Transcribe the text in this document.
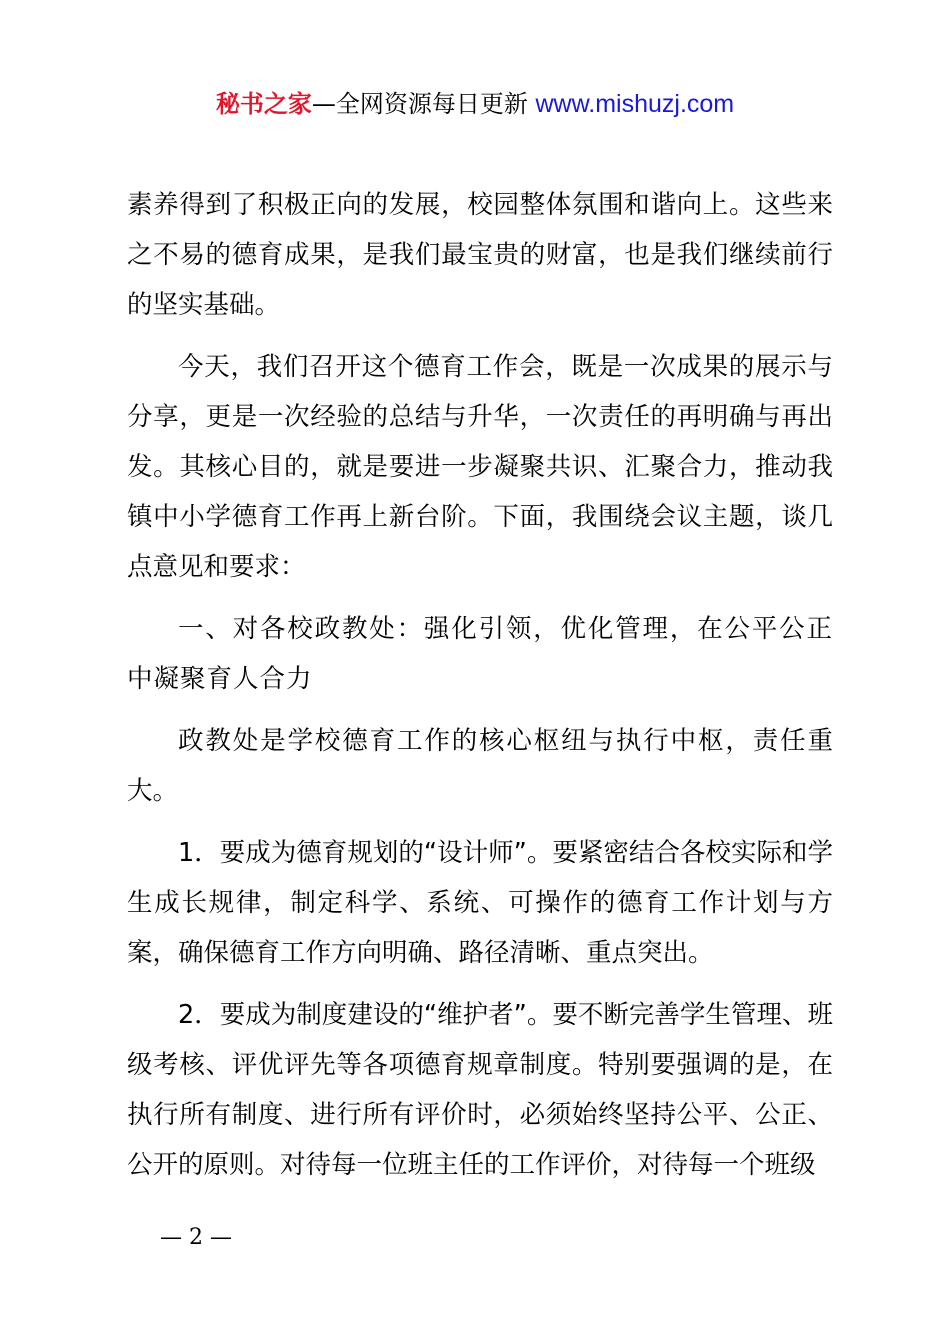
秘书之家—全网资源每日更新 www.mishuzj.com

素养得到了积极正向的发展，校园整体氛围和谐向上。这些来之不易的德育成果，是我们最宝贵的财富，也是我们继续前行的坚实基础。

今天，我们召开这个德育工作会，既是一次成果的展示与分享，更是一次经验的总结与升华，一次责任的再明确与再出发。其核心目的，就是要进一步凝聚共识、汇聚合力，推动我镇中小学德育工作再上新台阶。下面，我围绕会议主题，谈几点意见和要求：

一、对各校政教处：强化引领，优化管理，在公平公正中凝聚育人合力

政教处是学校德育工作的核心枢纽与执行中枢，责任重大。

1．要成为德育规划的“设计师”。要紧密结合各校实际和学生成长规律，制定科学、系统、可操作的德育工作计划与方案，确保德育工作方向明确、路径清晰、重点突出。

2．要成为制度建设的“维护者”。要不断完善学生管理、班级考核、评优评先等各项德育规章制度。特别要强调的是，在执行所有制度、进行所有评价时，必须始终坚持公平、公正、公开的原则。对待每一位班主任的工作评价，对待每一个班级

— 2 —
